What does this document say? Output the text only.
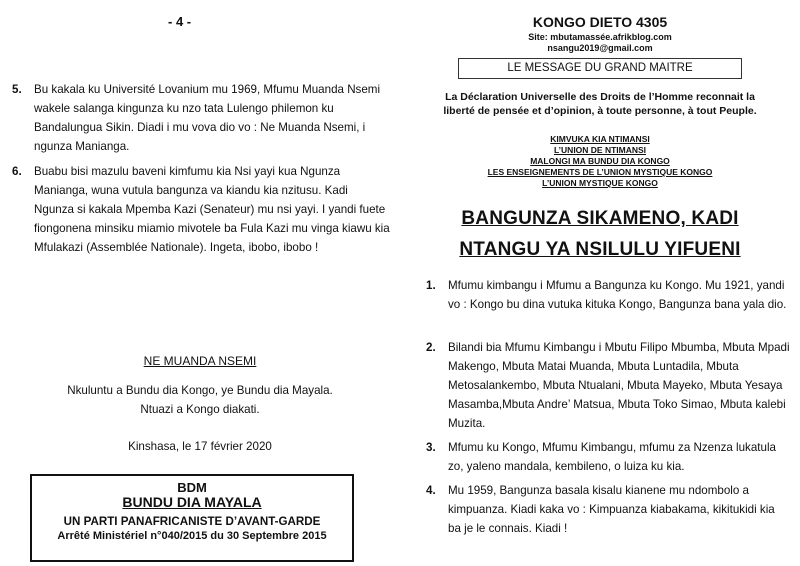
- 4 -
5. Bu kakala ku Université Lovanium mu 1969, Mfumu Muanda Nsemi wakele salanga kingunza ku nzo tata Lulengo philemon ku Bandalungua Sikin. Diadi i mu vova dio vo : Ne Muanda Nsemi, i ngunza Manianga.
6. Buabu bisi mazulu baveni kimfumu kia Nsi yayi kua Ngunza Manianga, wuna vutula bangunza va kiandu kia nzitusu. Kadi Ngunza si kakala Mpemba Kazi (Senateur) mu nsi yayi. I yandi fuete fiongonena minsiku miamio mivotele ba Fula Kazi mu vinga kiawu kia Mfulakazi (Assemblée Nationale). Ingeta, ibobo, ibobo !
NE MUANDA NSEMI
Nkuluntu a Bundu dia Kongo, ye Bundu dia Mayala.
Ntuazi a Kongo diakati.
Kinshasa, le 17 février 2020
BDM
BUNDU DIA MAYALA
UN PARTI PANAFRICANISTE D’AVANT-GARDE
Arrêté Ministériel n°040/2015 du 30 Septembre 2015
KONGO DIETO 4305
Site: mbutamassée.afrikblog.com
nsangu2019@gmail.com
LE MESSAGE DU GRAND MAITRE
La Déclaration Universelle des Droits de l’Homme reconnait la liberté de pensée et d’opinion, à toute personne, à tout Peuple.
KIMVUKA KIA NTIMANSI
L’UNION DE NTIMANSI
MALONGI MA BUNDU DIA KONGO
LES ENSEIGNEMENTS DE L’UNION MYSTIQUE KONGO
L’UNION MYSTIQUE KONGO
BANGUNZA SIKAMENO, KADI
NTANGU YA NSILULU YIFUENI
1. Mfumu kimbangu i Mfumu a Bangunza ku Kongo. Mu 1921, yandi vo : Kongo bu dina vutuka kituka Kongo, Bangunza bana yala dio.
2. Bilandi bia Mfumu Kimbangu i Mbutu Filipo Mbumba, Mbuta Mpadi Makengo, Mbuta Matai Muanda, Mbuta Luntadila, Mbuta Metosalankembo, Mbuta Ntualani, Mbuta Mayeko, Mbuta Yesaya Masamba,Mbuta Andre’ Matsua, Mbuta Toko Simao, Mbuta kalebi Muzita.
3. Mfumu ku Kongo, Mfumu Kimbangu, mfumu za Nzenza lukatula zo, yaleno mandala, kembileno, o luiza ku kia.
4. Mu 1959, Bangunza basala kisalu kianene mu ndombolo a kimpuanza. Kiadi kaka vo : Kimpuanza kiabakama, kikitukidi kia ba je le connais. Kiadi !
